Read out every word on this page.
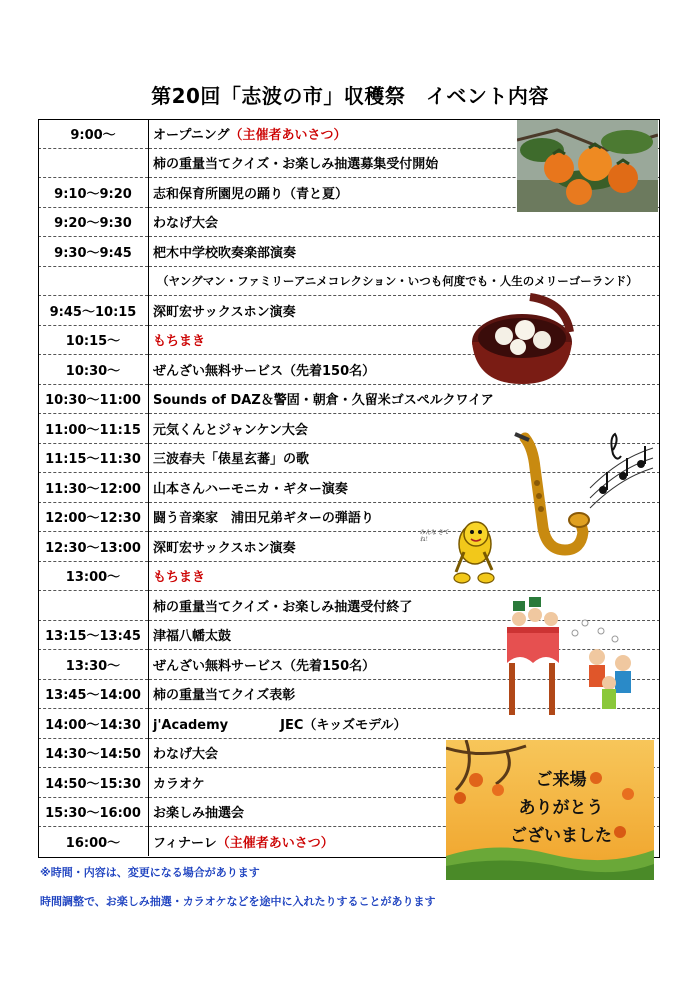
第20回「志波の市」収穫祭　イベント内容
9:00～	オープニング（主催者あいさつ）
	柿の重量当てクイズ・お楽しみ抽選募集受付開始
9:10～9:20	志和保育所園児の踊り（青と夏）
9:20～9:30	わなげ大会
9:30～9:45	杷木中学校吹奏楽部演奏
	（ヤングマン・ファミリーアニメコレクション・いつも何度でも・人生のメリーゴーランド）
9:45～10:15	深町宏サックスホン演奏
10:15～	もちまき
10:30～	ぜんざい無料サービス（先着150名）
10:30～11:00	Sounds of DAZ＆警固・朝倉・久留米ゴスペルクワイア
11:00～11:15	元気くんとジャンケン大会
11:15～11:30	三波春夫「俵星玄蕃」の歌
11:30～12:00	山本さんハーモニカ・ギター演奏
12:00～12:30	闘う音楽家　浦田兄弟ギターの弾語り
12:30～13:00	深町宏サックスホン演奏
13:00～	もちまき
	柿の重量当てクイズ・お楽しみ抽選受付終了
13:15～13:45	津福八幡太鼓
13:30～	ぜんざい無料サービス（先着150名）
13:45～14:00	柿の重量当てクイズ表彰
14:00～14:30	j'Academy　　　　JEC（キッズモデル）
14:30～14:50	わなげ大会
14:50～15:30	カラオケ
15:30～16:00	お楽しみ抽選会
16:00～	フィナーレ（主催者あいさつ）
みんな きてね！
ご来場
ありがとう
ございました
※時間・内容は、変更になる場合があります
時間調整で、お楽しみ抽選・カラオケなどを途中に入れたりすることがあります
